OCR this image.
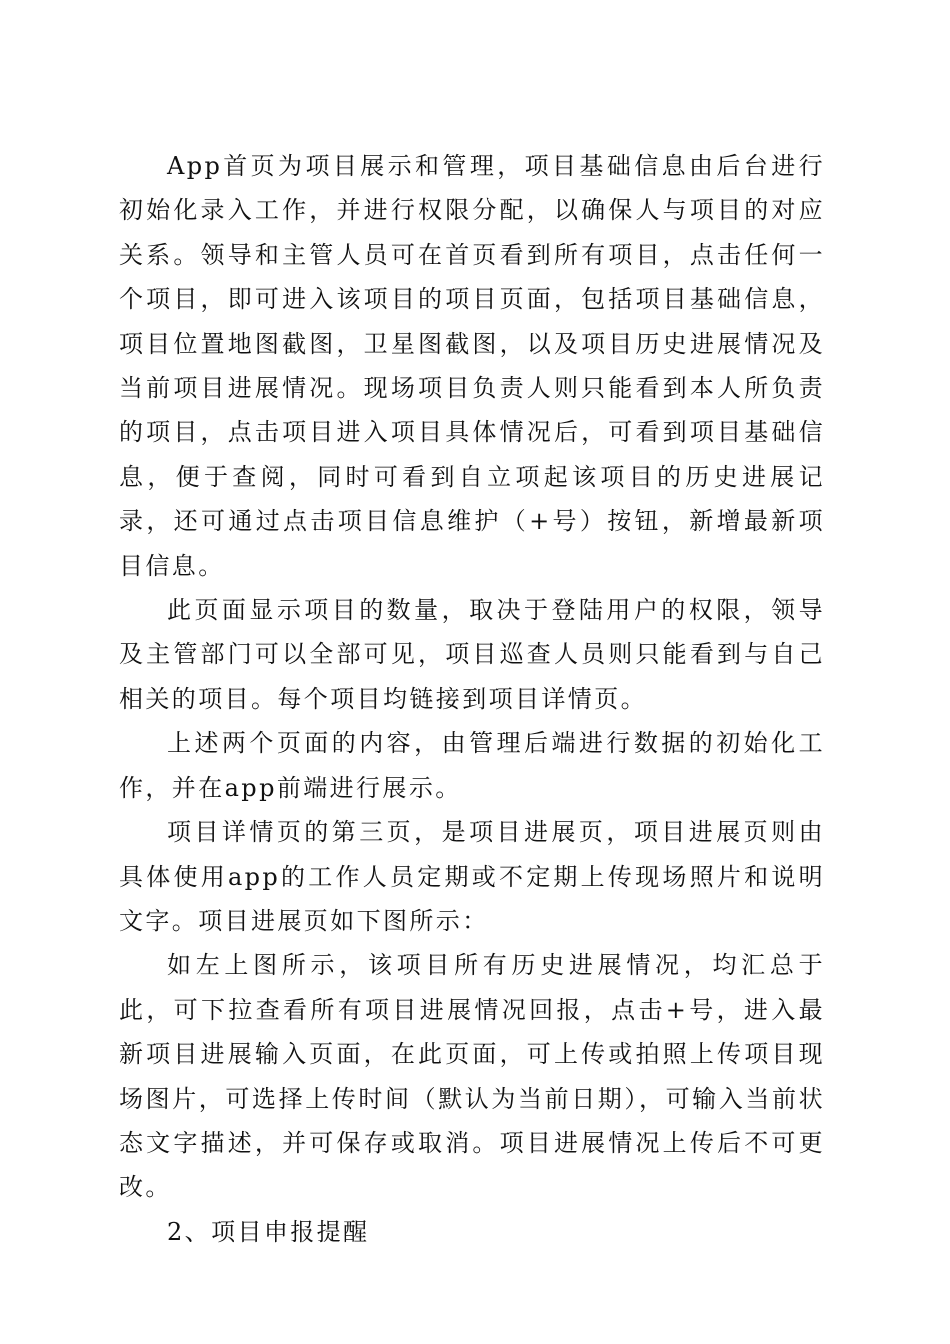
App首页为项目展示和管理，项目基础信息由后台进行初始化录入工作，并进行权限分配，以确保人与项目的对应关系。领导和主管人员可在首页看到所有项目，点击任何一个项目，即可进入该项目的项目页面，包括项目基础信息，项目位置地图截图，卫星图截图，以及项目历史进展情况及当前项目进展情况。现场项目负责人则只能看到本人所负责的项目，点击项目进入项目具体情况后，可看到项目基础信息，便于查阅，同时可看到自立项起该项目的历史进展记录，还可通过点击项目信息维护（+号）按钮，新增最新项目信息。

此页面显示项目的数量，取决于登陆用户的权限，领导及主管部门可以全部可见，项目巡查人员则只能看到与自己相关的项目。每个项目均链接到项目详情页。

上述两个页面的内容，由管理后端进行数据的初始化工作，并在app前端进行展示。

项目详情页的第三页，是项目进展页，项目进展页则由具体使用app的工作人员定期或不定期上传现场照片和说明文字。项目进展页如下图所示：

如左上图所示，该项目所有历史进展情况，均汇总于此，可下拉查看所有项目进展情况回报，点击+号，进入最新项目进展输入页面，在此页面，可上传或拍照上传项目现场图片，可选择上传时间（默认为当前日期），可输入当前状态文字描述，并可保存或取消。项目进展情况上传后不可更改。

2、项目申报提醒
